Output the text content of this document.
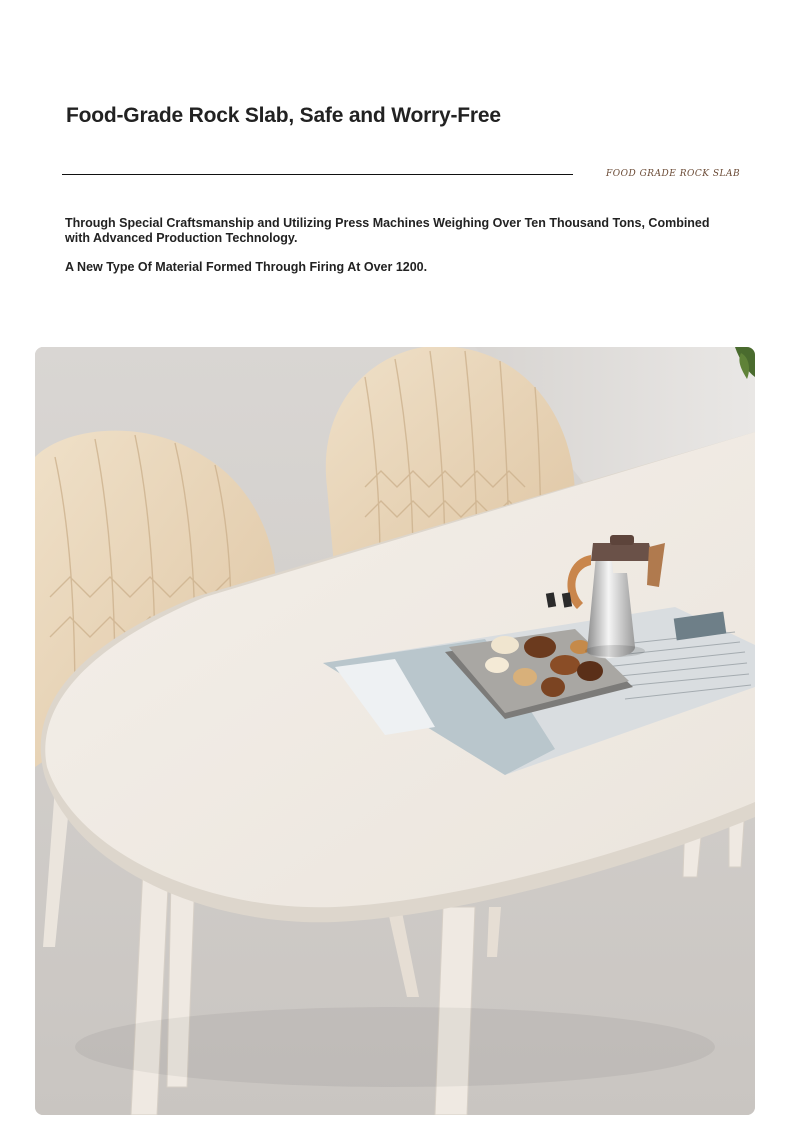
Food-Grade Rock Slab, Safe and Worry-Free
FOOD GRADE ROCK SLAB

Through Special Craftsmanship and Utilizing Press Machines Weighing Over Ten Thousand Tons, Combined with Advanced Production Technology.

A New Type Of Material Formed Through Firing At Over 1200.
